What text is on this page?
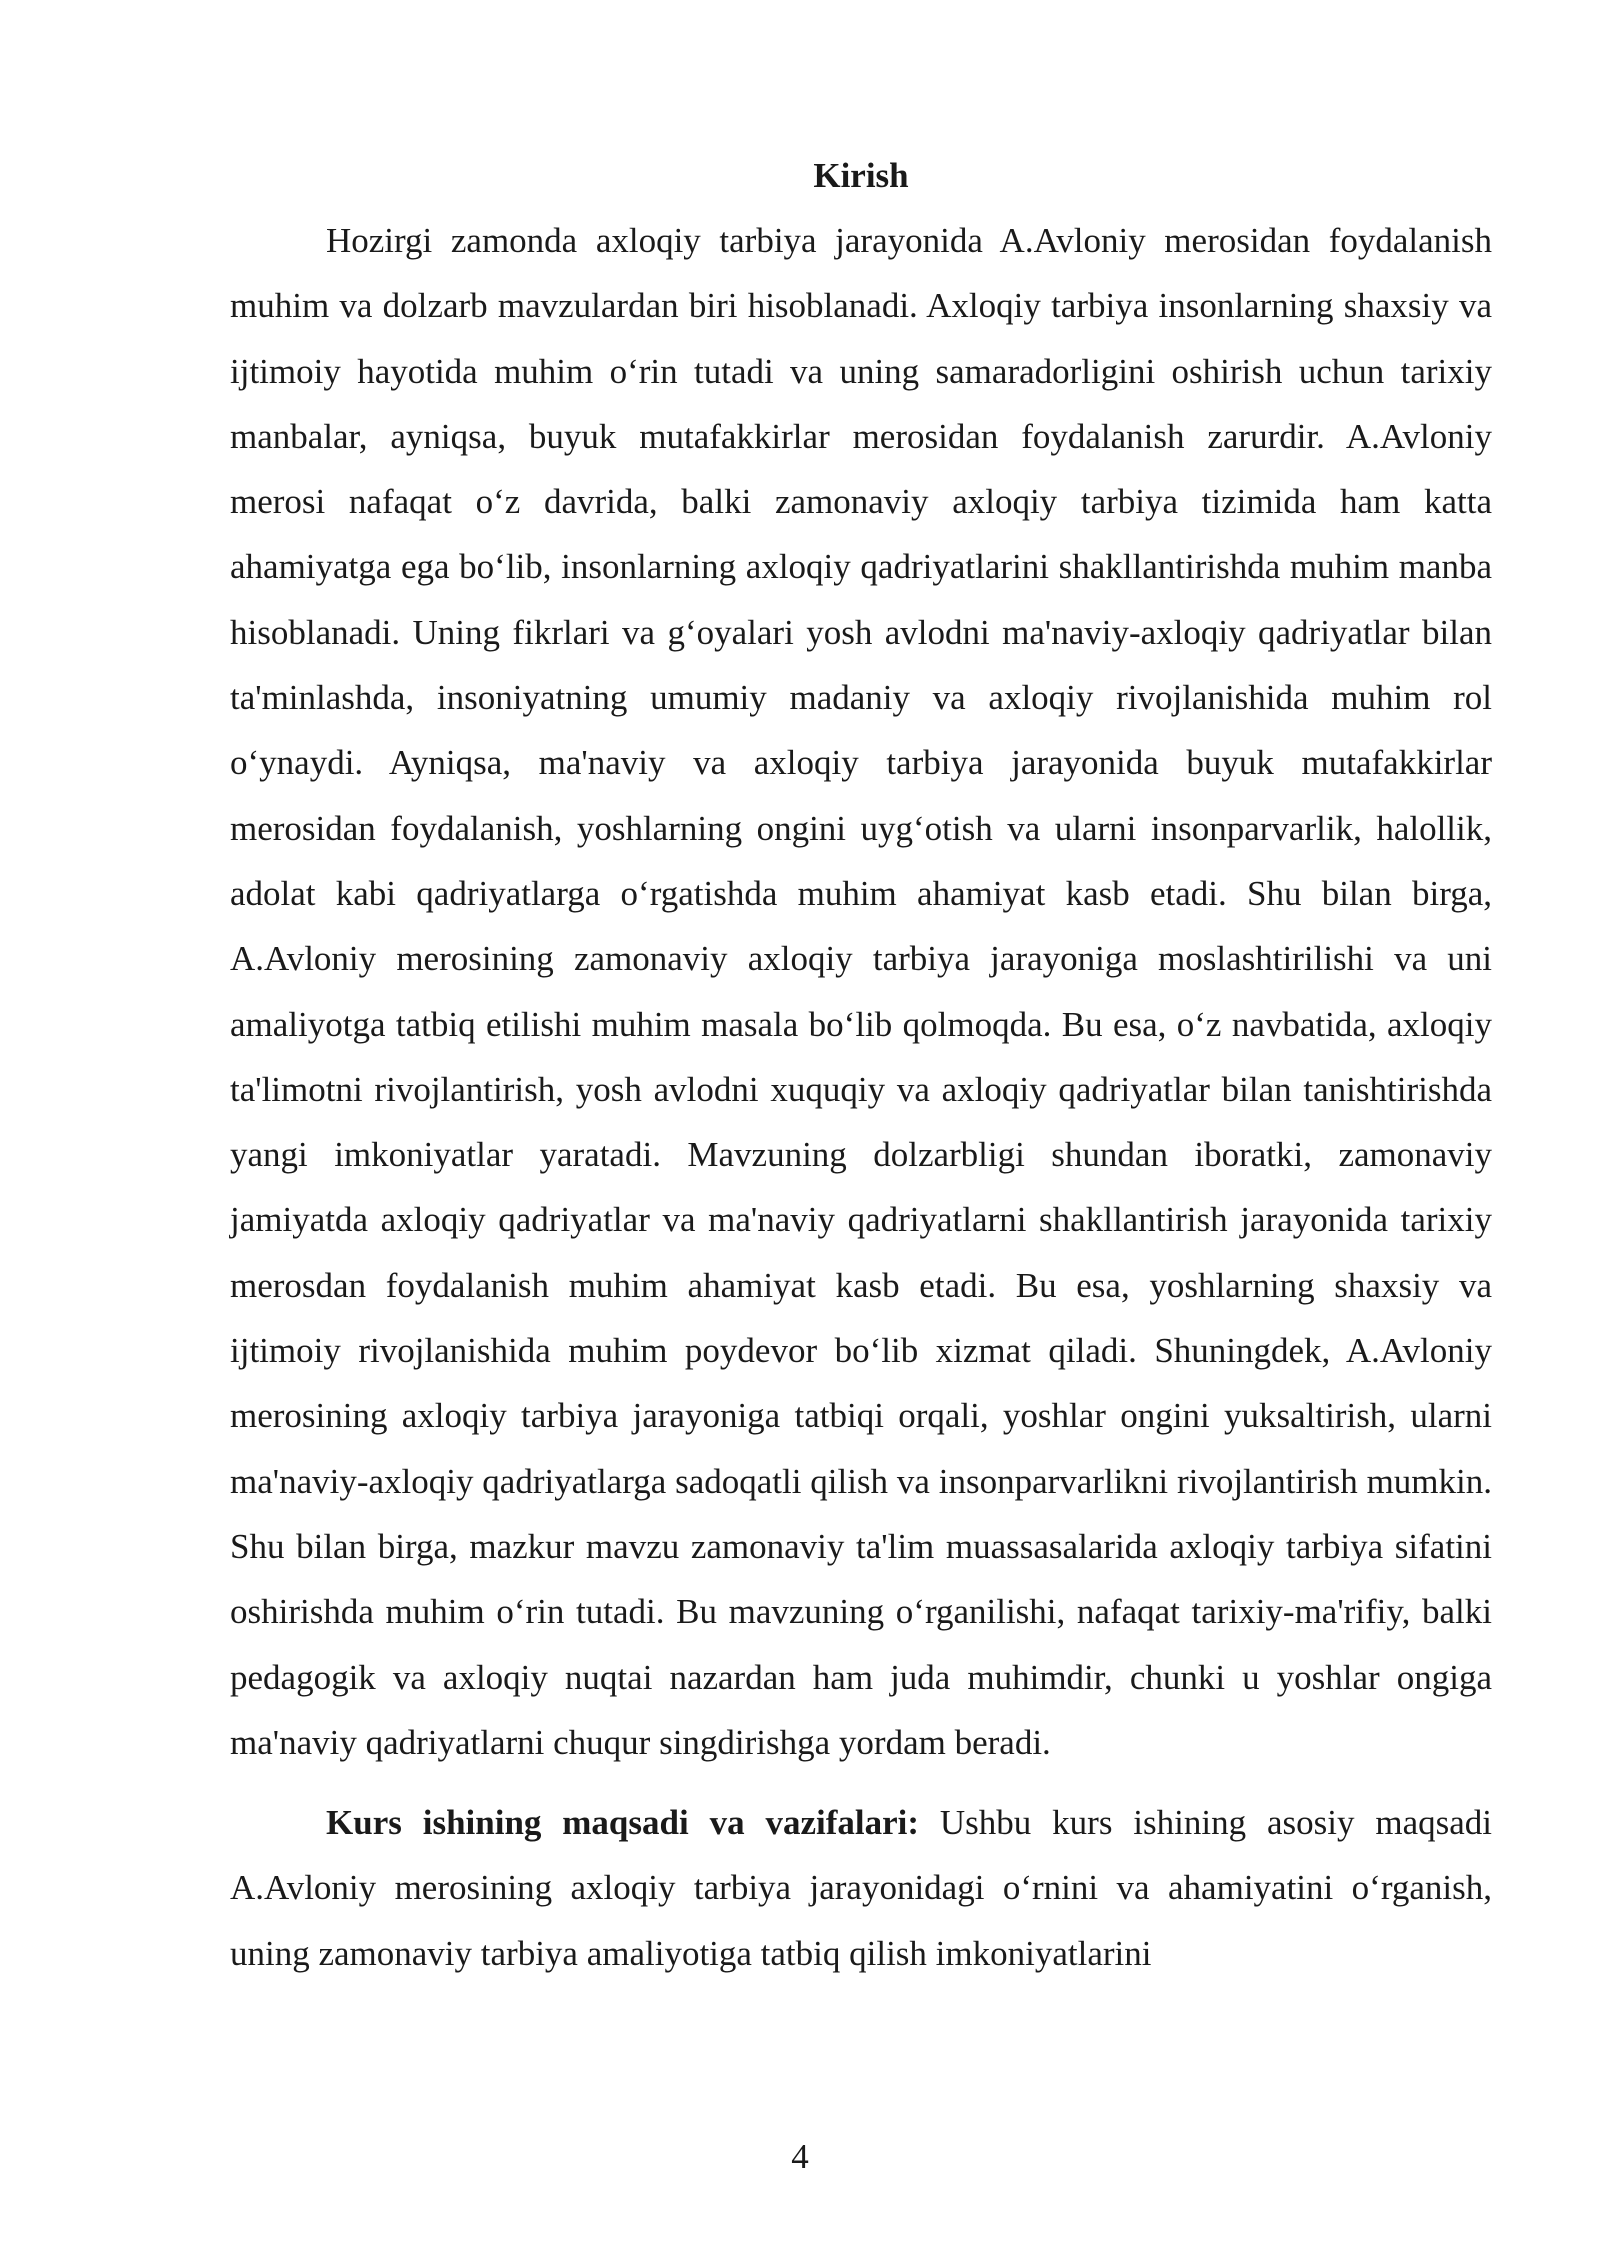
Kirish

Hozirgi zamonda axloqiy tarbiya jarayonida A.Avloniy merosidan foydalanish muhim va dolzarb mavzulardan biri hisoblanadi. Axloqiy tarbiya insonlarning shaxsiy va ijtimoiy hayotida muhim o‘rin tutadi va uning samaradorligini oshirish uchun tarixiy manbalar, ayniqsa, buyuk mutafakkirlar merosidan foydalanish zarurdir. A.Avloniy merosi nafaqat o‘z davrida, balki zamonaviy axloqiy tarbiya tizimida ham katta ahamiyatga ega bo‘lib, insonlarning axloqiy qadriyatlarini shakllantirishda muhim manba hisoblanadi. Uning fikrlari va g‘oyalari yosh avlodni ma'naviy-axloqiy qadriyatlar bilan ta'minlashda, insoniyatning umumiy madaniy va axloqiy rivojlanishida muhim rol o‘ynaydi. Ayniqsa, ma'naviy va axloqiy tarbiya jarayonida buyuk mutafakkirlar merosidan foydalanish, yoshlarning ongini uyg‘otish va ularni insonparvarlik, halollik, adolat kabi qadriyatlarga o‘rgatishda muhim ahamiyat kasb etadi. Shu bilan birga, A.Avloniy merosining zamonaviy axloqiy tarbiya jarayoniga moslashtirilishi va uni amaliyotga tatbiq etilishi muhim masala bo‘lib qolmoqda. Bu esa, o‘z navbatida, axloqiy ta'limotni rivojlantirish, yosh avlodni xuquqiy va axloqiy qadriyatlar bilan tanishtirishda yangi imkoniyatlar yaratadi. Mavzuning dolzarbligi shundan iboratki, zamonaviy jamiyatda axloqiy qadriyatlar va ma'naviy qadriyatlarni shakllantirish jarayonida tarixiy merosdan foydalanish muhim ahamiyat kasb etadi. Bu esa, yoshlarning shaxsiy va ijtimoiy rivojlanishida muhim poydevor bo‘lib xizmat qiladi. Shuningdek, A.Avloniy merosining axloqiy tarbiya jarayoniga tatbiqi orqali, yoshlar ongini yuksaltirish, ularni ma'naviy-axloqiy qadriyatlarga sadoqatli qilish va insonparvarlikni rivojlantirish mumkin. Shu bilan birga, mazkur mavzu zamonaviy ta'lim muassasalarida axloqiy tarbiya sifatini oshirishda muhim o‘rin tutadi. Bu mavzuning o‘rganilishi, nafaqat tarixiy-ma'rifiy, balki pedagogik va axloqiy nuqtai nazardan ham juda muhimdir, chunki u yoshlar ongiga ma'naviy qadriyatlarni chuqur singdirishga yordam beradi.

Kurs ishining maqsadi va vazifalari: Ushbu kurs ishining asosiy maqsadi A.Avloniy merosining axloqiy tarbiya jarayonidagi o‘rnini va ahamiyatini o‘rganish, uning zamonaviy tarbiya amaliyotiga tatbiq qilish imkoniyatlarini

4
